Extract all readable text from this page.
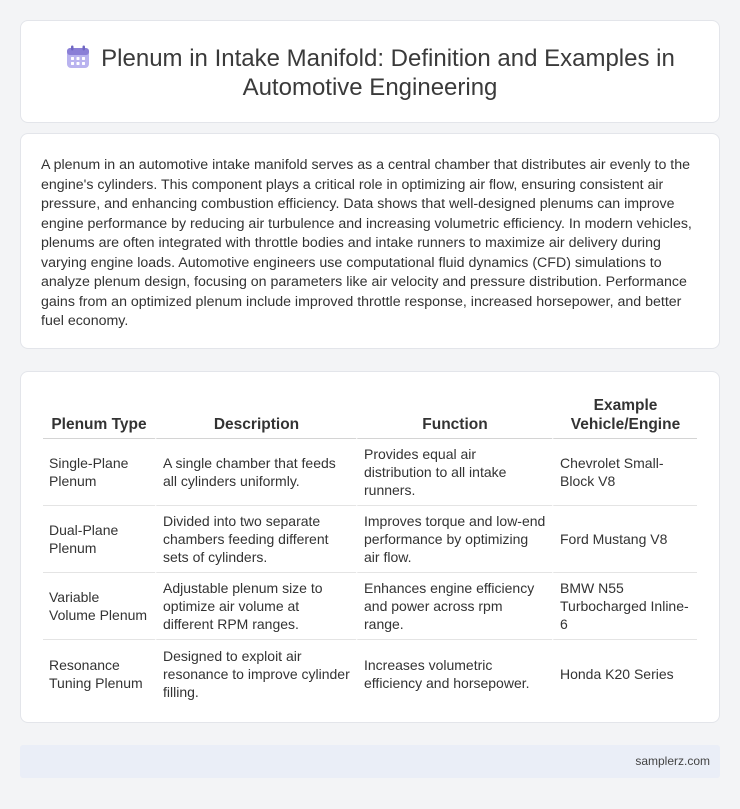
Plenum in Intake Manifold: Definition and Examples in Automotive Engineering

A plenum in an automotive intake manifold serves as a central chamber that distributes air evenly to the engine's cylinders. This component plays a critical role in optimizing air flow, ensuring consistent air pressure, and enhancing combustion efficiency. Data shows that well-designed plenums can improve engine performance by reducing air turbulence and increasing volumetric efficiency. In modern vehicles, plenums are often integrated with throttle bodies and intake runners to maximize air delivery during varying engine loads. Automotive engineers use computational fluid dynamics (CFD) simulations to analyze plenum design, focusing on parameters like air velocity and pressure distribution. Performance gains from an optimized plenum include improved throttle response, increased horsepower, and better fuel economy.

Plenum Type	Description	Function	Example Vehicle/Engine
Single-Plane Plenum	A single chamber that feeds all cylinders uniformly.	Provides equal air distribution to all intake runners.	Chevrolet Small-Block V8
Dual-Plane Plenum	Divided into two separate chambers feeding different sets of cylinders.	Improves torque and low-end performance by optimizing air flow.	Ford Mustang V8
Variable Volume Plenum	Adjustable plenum size to optimize air volume at different RPM ranges.	Enhances engine efficiency and power across rpm range.	BMW N55 Turbocharged Inline-6
Resonance Tuning Plenum	Designed to exploit air resonance to improve cylinder filling.	Increases volumetric efficiency and horsepower.	Honda K20 Series
samplerz.com
